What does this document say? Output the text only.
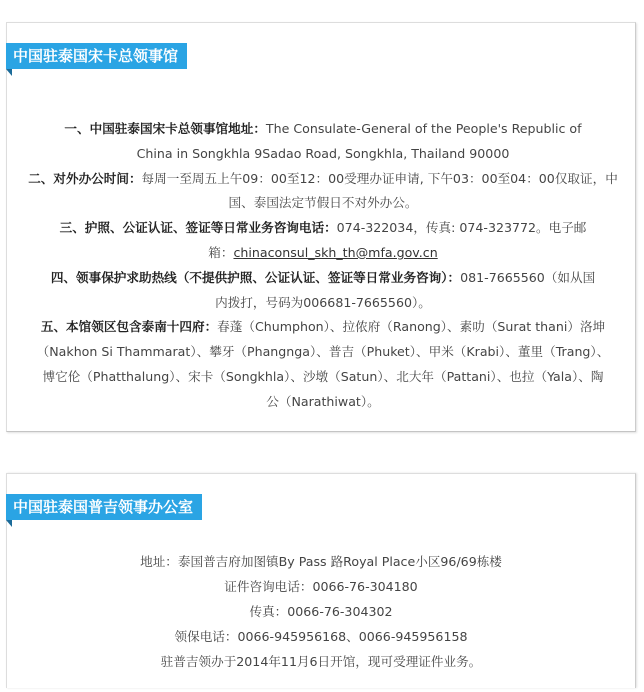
中国驻泰国宋卡总领事馆

一、中国驻泰国宋卡总领事馆地址：The Consulate-General of the People's Republic of

China in Songkhla 9Sadao Road, Songkhla, Thailand 90000

二、对外办公时间：每周一至周五上午09：00至12：00受理办证申请, 下午03：00至04：00仅取证，中

国、泰国法定节假日不对外办公。

三、护照、公证认证、签证等日常业务咨询电话：074-322034，传真: 074-323772。电子邮

箱：chinaconsul_skh_th@mfa.gov.cn

四、领事保护求助热线（不提供护照、公证认证、签证等日常业务咨询）：081-7665560（如从国

内拨打，号码为006681-7665560）。

五、本馆领区包含泰南十四府：春蓬（Chumphon）、拉侬府（Ranong）、素叻（Surat thani）洛坤

（Nakhon Si Thammarat）、攀牙（Phangnga）、普吉（Phuket）、甲米（Krabi）、董里（Trang）、

博它伦（Phatthalung）、宋卡（Songkhla）、沙墩（Satun）、北大年（Pattani）、也拉（Yala）、陶

公（Narathiwat）。

中国驻泰国普吉领事办公室

地址：泰国普吉府加图镇By Pass 路Royal Place小区96/69栋楼

证件咨询电话：0066-76-304180

传真：0066-76-304302

领保电话：0066-945956168、0066-945956158

驻普吉领办于2014年11月6日开馆，现可受理证件业务。
